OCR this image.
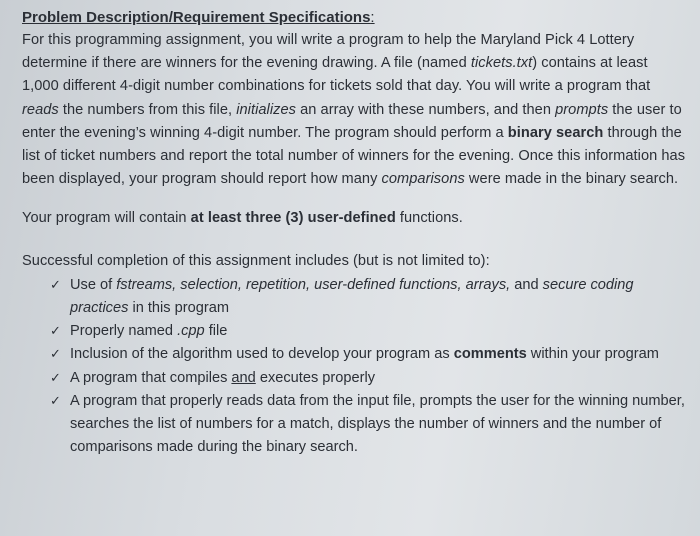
Problem Description/Requirement Specifications:

For this programming assignment, you will write a program to help the Maryland Pick 4 Lottery determine if there are winners for the evening drawing. A file (named tickets.txt) contains at least 1,000 different 4-digit number combinations for tickets sold that day. You will write a program that reads the numbers from this file, initializes an array with these numbers, and then prompts the user to enter the evening’s winning 4-digit number. The program should perform a binary search through the list of ticket numbers and report the total number of winners for the evening. Once this information has been displayed, your program should report how many comparisons were made in the binary search.

Your program will contain at least three (3) user-defined functions.

Successful completion of this assignment includes (but is not limited to):

✓ Use of fstreams, selection, repetition, user-defined functions, arrays, and secure coding practices in this program
✓ Properly named .cpp file
✓ Inclusion of the algorithm used to develop your program as comments within your program
✓ A program that compiles and executes properly
✓ A program that properly reads data from the input file, prompts the user for the winning number, searches the list of numbers for a match, displays the number of winners and the number of comparisons made during the binary search.
